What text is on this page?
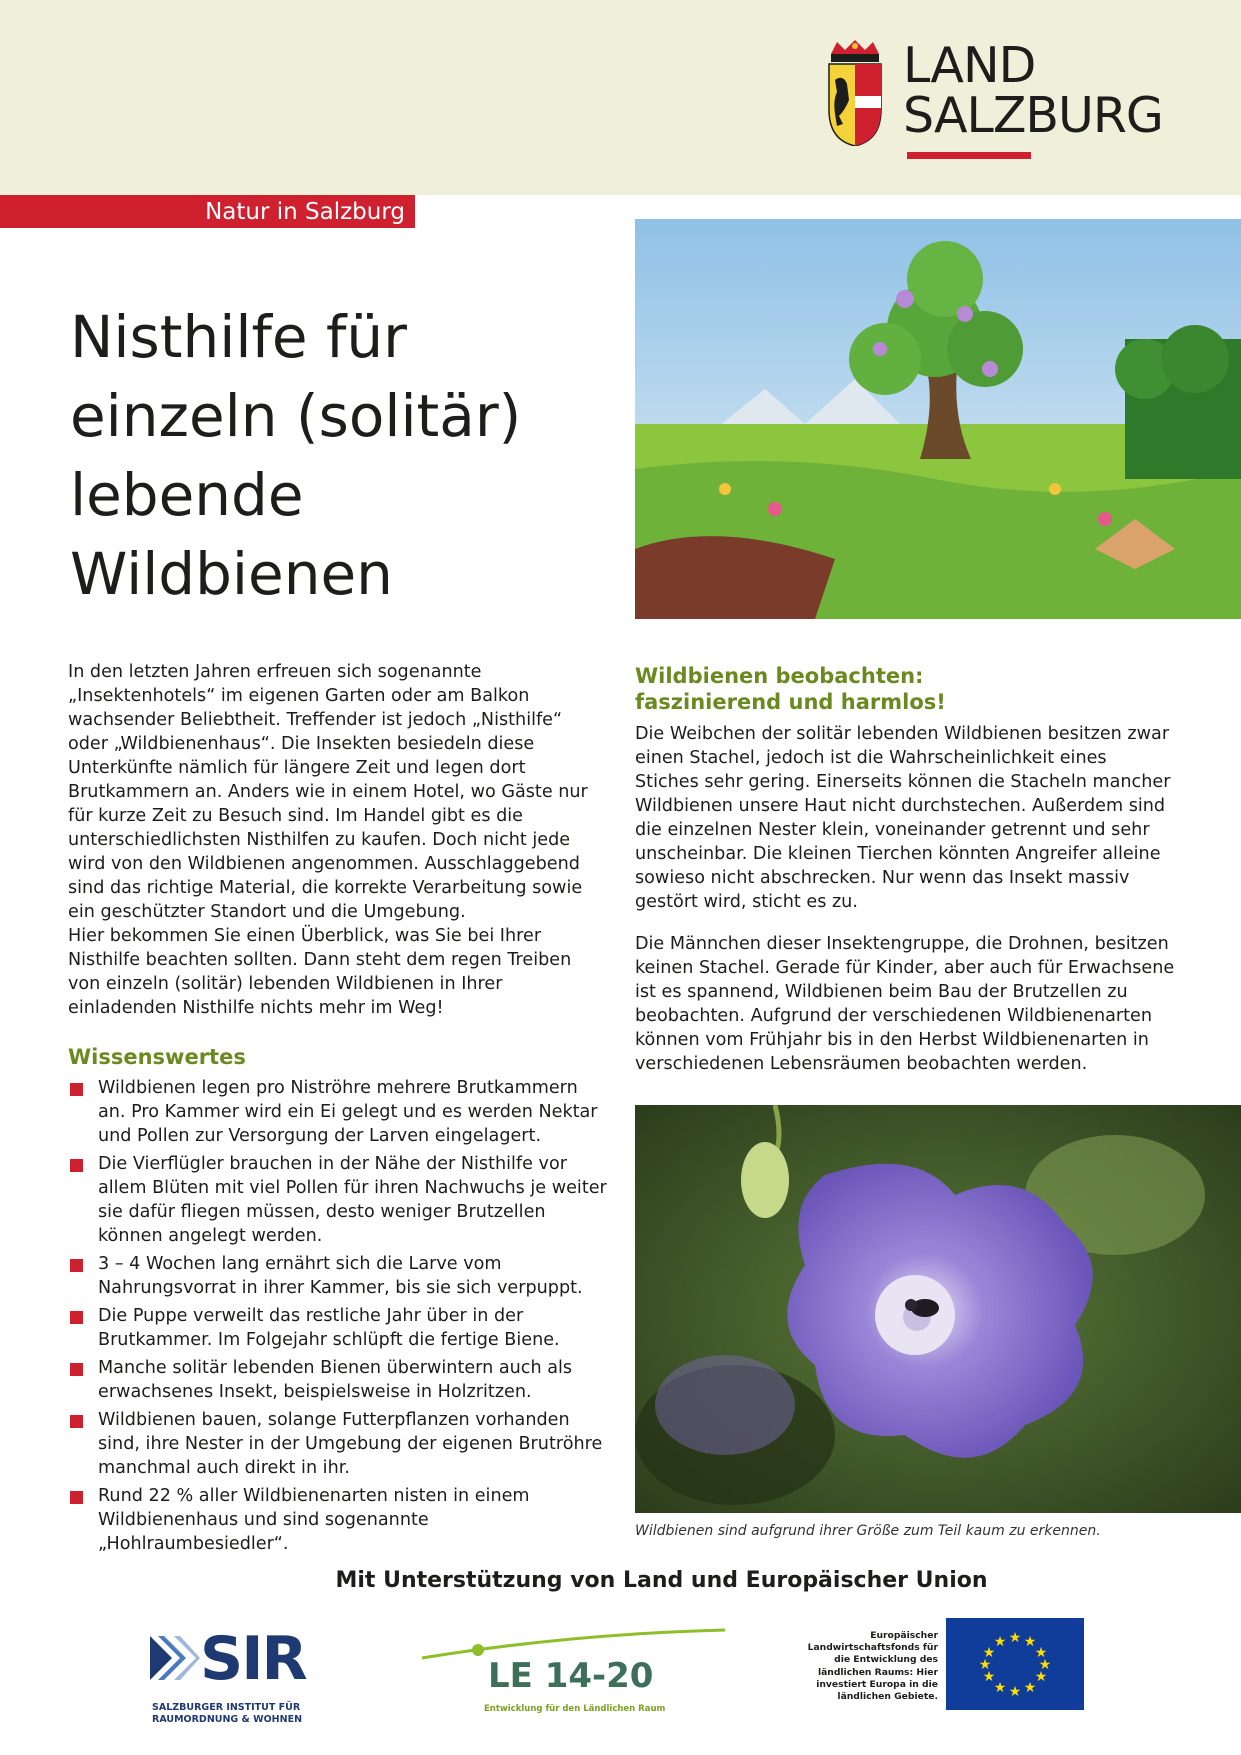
LAND
SALZBURG
Natur in Salzburg
Nisthilfe für
einzeln (solitär)
lebende
Wildbienen

In den letzten Jahren erfreuen sich sogenannte „Insektenhotels“ im eigenen Garten oder am Balkon wachsender Beliebtheit. Treffender ist jedoch „Nisthilfe“ oder „Wildbienenhaus“. Die Insekten besiedeln diese Unterkünfte nämlich für längere Zeit und legen dort Brutkammern an. Anders wie in einem Hotel, wo Gäste nur für kurze Zeit zu Besuch sind. Im Handel gibt es die unterschiedlichsten Nisthilfen zu kaufen. Doch nicht jede wird von den Wildbienen angenommen. Ausschlaggebend sind das richtige Material, die korrekte Verarbeitung sowie ein geschützter Standort und die Umgebung.

Hier bekommen Sie einen Überblick, was Sie bei Ihrer Nisthilfe beachten sollten. Dann steht dem regen Treiben von einzeln (solitär) lebenden Wildbienen in Ihrer einladenden Nisthilfe nichts mehr im Weg!

Wissenswertes
Wildbienen legen pro Niströhre mehrere Brutkammern an. Pro Kammer wird ein Ei gelegt und es werden Nektar und Pollen zur Versorgung der Larven eingelagert.
Die Vierflügler brauchen in der Nähe der Nisthilfe vor allem Blüten mit viel Pollen für ihren Nachwuchs je weiter sie dafür fliegen müssen, desto weniger Brutzellen können angelegt werden.
3 – 4 Wochen lang ernährt sich die Larve vom Nahrungsvorrat in ihrer Kammer, bis sie sich verpuppt.
Die Puppe verweilt das restliche Jahr über in der Brutkammer. Im Folgejahr schlüpft die fertige Biene.
Manche solitär lebenden Bienen überwintern auch als erwachsenes Insekt, beispielsweise in Holzritzen.
Wildbienen bauen, solange Futterpflanzen vorhanden sind, ihre Nester in der Umgebung der eigenen Brutröhre manchmal auch direkt in ihr.
Rund 22 % aller Wildbienenarten nisten in einem Wildbienenhaus und sind sogenannte „Hohlraumbesiedler“.
Wildbienen beobachten:
faszinierend und harmlos!

Die Weibchen der solitär lebenden Wildbienen besitzen zwar einen Stachel, jedoch ist die Wahrscheinlichkeit eines Stiches sehr gering. Einerseits können die Stacheln mancher Wildbienen unsere Haut nicht durchstechen. Außerdem sind die einzelnen Nester klein, voneinander getrennt und sehr unscheinbar. Die kleinen Tierchen könnten Angreifer alleine sowieso nicht abschrecken. Nur wenn das Insekt massiv gestört wird, sticht es zu.

Die Männchen dieser Insektengruppe, die Drohnen, besitzen keinen Stachel. Gerade für Kinder, aber auch für Erwachsene ist es spannend, Wildbienen beim Bau der Brutzellen zu beobachten. Aufgrund der verschiedenen Wildbienenarten können vom Frühjahr bis in den Herbst Wildbienenarten in verschiedenen Lebensräumen beobachten werden.

Wildbienen sind aufgrund ihrer Größe zum Teil kaum zu erkennen.
Mit Unterstützung von Land und Europäischer Union
SIR
SALZBURGER INSTITUT FÜR
RAUMORDNUNG & WOHNEN
LE 14-20
Entwicklung für den Ländlichen Raum
Europäischer Landwirtschaftsfonds für die Entwicklung des ländlichen Raums: Hier investiert Europa in die ländlichen Gebiete.
★ ★
★
★
★
★
★
★
★
★
★
★
